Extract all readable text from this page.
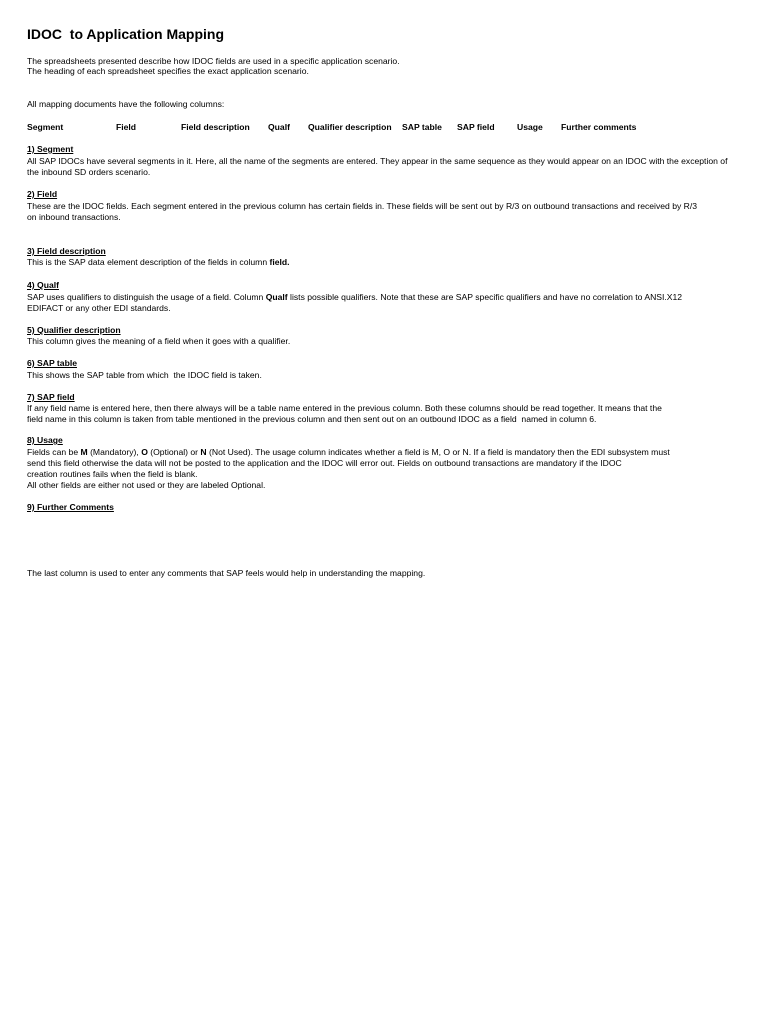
IDOC  to Application Mapping
The spreadsheets presented describe how IDOC fields are used in a specific application scenario.
The heading of each spreadsheet specifies the exact application scenario.
All mapping documents have the following columns:
Segment	Field	Field description Qualf Qualifier description SAP table SAP field	Usage Further comments
1) Segment
All SAP IDOCs have several segments in it. Here, all the name of the segments are entered. They appear in the same sequence as they would appear on an IDOC with the exception of
the inbound SD orders scenario.
2) Field
These are the IDOC fields. Each segment entered in the previous column has certain fields in. These fields will be sent out by R/3 on outbound transactions and received by R/3
on inbound transactions.
3) Field description
This is the SAP data element description of the fields in column field.
4) Qualf
SAP uses qualifiers to distinguish the usage of a field. Column Qualf lists possible qualifiers. Note that these are SAP specific qualifiers and have no correlation to ANSI.X12
EDIFACT or any other EDI standards.
5) Qualifier description
This column gives the meaning of a field when it goes with a qualifier.
6) SAP table
This shows the SAP table from which  the IDOC field is taken.
7) SAP field
If any field name is entered here, then there always will be a table name entered in the previous column. Both these columns should be read together. It means that the
field name in this column is taken from table mentioned in the previous column and then sent out on an outbound IDOC as a field  named in column 6.
8) Usage
Fields can be M (Mandatory), O (Optional) or N (Not Used). The usage column indicates whether a field is M, O or N. If a field is mandatory then the EDI subsystem must
send this field otherwise the data will not be posted to the application and the IDOC will error out. Fields on outbound transactions are mandatory if the IDOC
creation routines fails when the field is blank.
All other fields are either not used or they are labeled Optional.
9) Further Comments
The last column is used to enter any comments that SAP feels would help in understanding the mapping.
